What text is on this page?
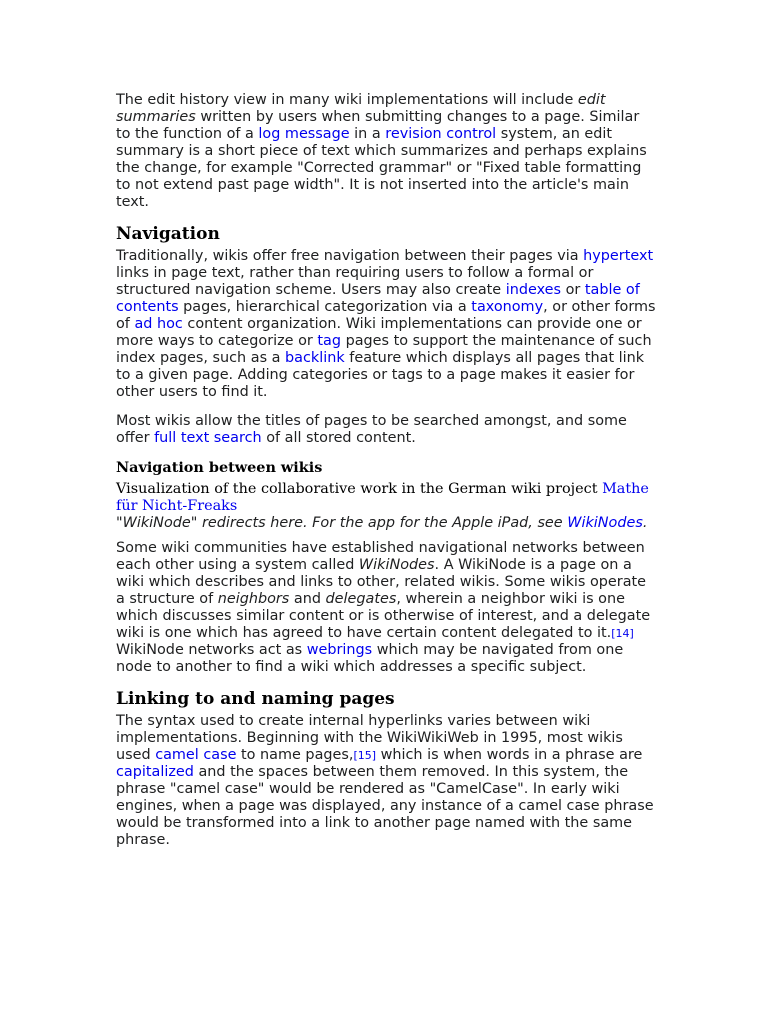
The edit history view in many wiki implementations will include edit summaries written by users when submitting changes to a page. Similar to the function of a log message in a revision control system, an edit summary is a short piece of text which summarizes and perhaps explains the change, for example "Corrected grammar" or "Fixed table formatting to not extend past page width". It is not inserted into the article's main text.

Navigation

Traditionally, wikis offer free navigation between their pages via hypertext links in page text, rather than requiring users to follow a formal or structured navigation scheme. Users may also create indexes or table of contents pages, hierarchical categorization via a taxonomy, or other forms of ad hoc content organization. Wiki implementations can provide one or more ways to categorize or tag pages to support the maintenance of such index pages, such as a backlink feature which displays all pages that link to a given page. Adding categories or tags to a page makes it easier for other users to find it.

Most wikis allow the titles of pages to be searched amongst, and some offer full text search of all stored content.

Navigation between wikis

Visualization of the collaborative work in the German wiki project Mathe für Nicht-Freaks

"WikiNode" redirects here. For the app for the Apple iPad, see WikiNodes.

Some wiki communities have established navigational networks between each other using a system called WikiNodes. A WikiNode is a page on a wiki which describes and links to other, related wikis. Some wikis operate a structure of neighbors and delegates, wherein a neighbor wiki is one which discusses similar content or is otherwise of interest, and a delegate wiki is one which has agreed to have certain content delegated to it.[14] WikiNode networks act as webrings which may be navigated from one node to another to find a wiki which addresses a specific subject.

Linking to and naming pages

The syntax used to create internal hyperlinks varies between wiki implementations. Beginning with the WikiWikiWeb in 1995, most wikis used camel case to name pages,[15] which is when words in a phrase are capitalized and the spaces between them removed. In this system, the phrase "camel case" would be rendered as "CamelCase". In early wiki engines, when a page was displayed, any instance of a camel case phrase would be transformed into a link to another page named with the same phrase.
